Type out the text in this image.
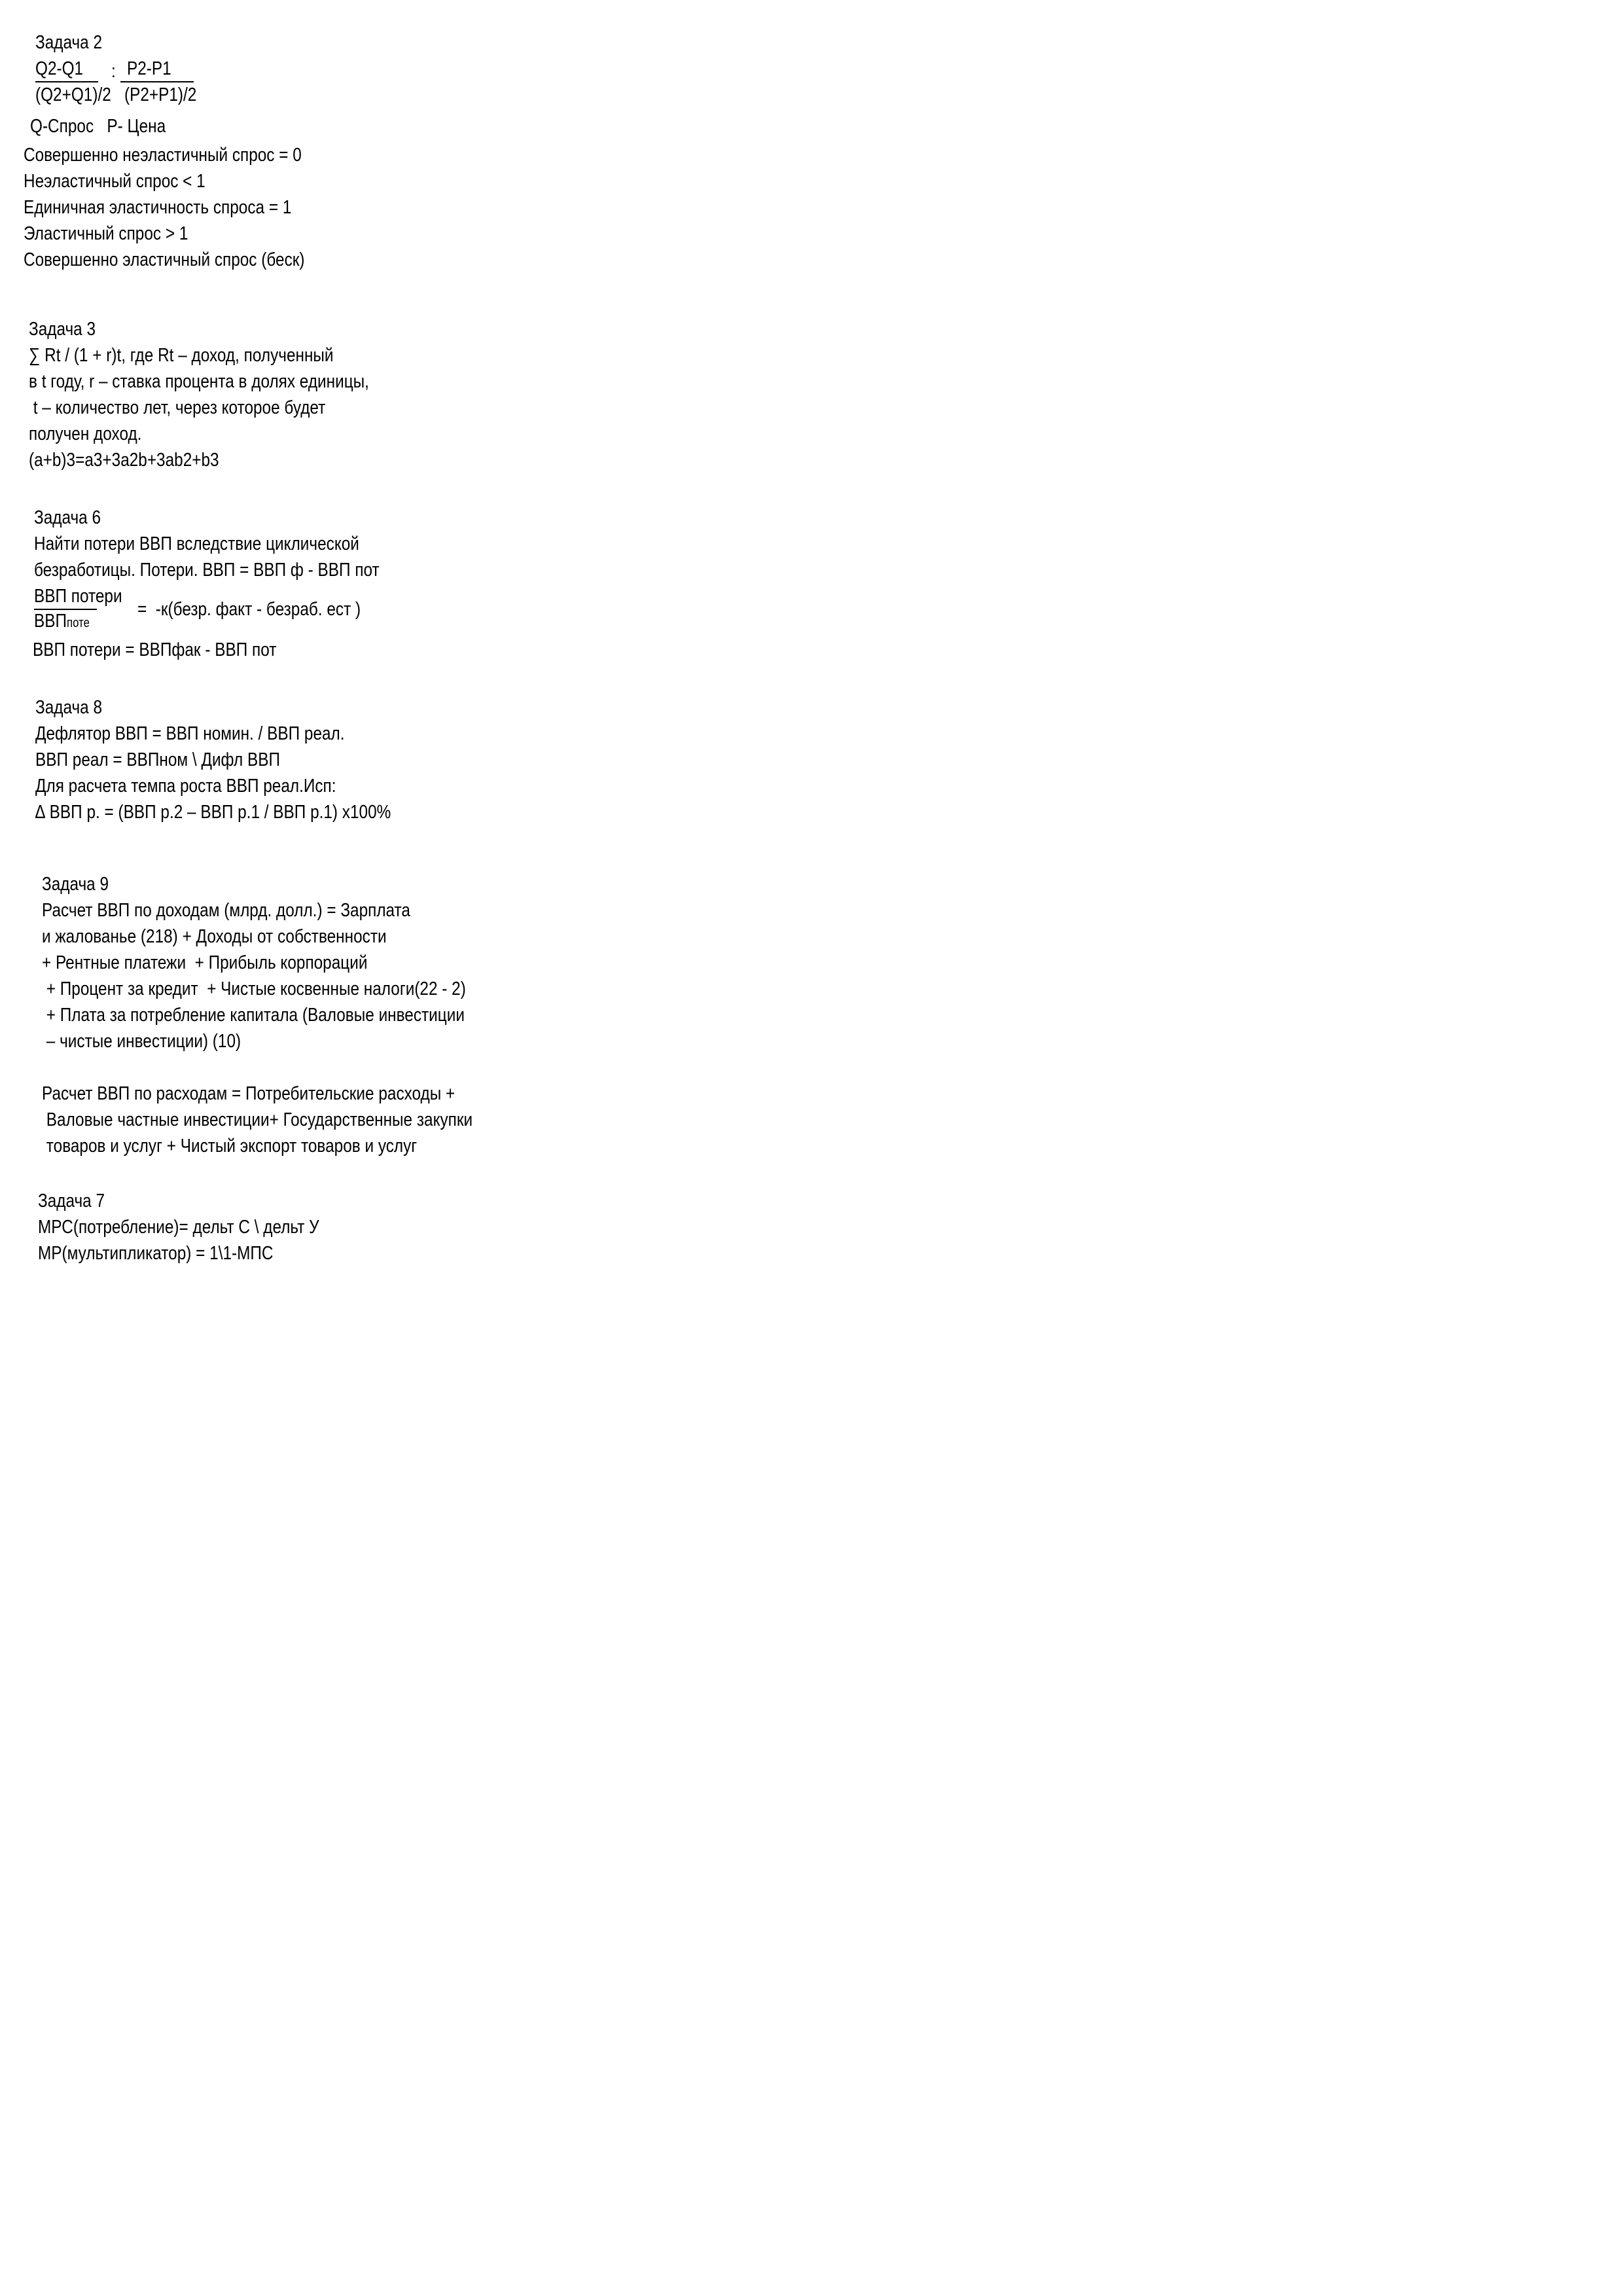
Задача 2
Q2-Q1 : P2-P1
(Q2+Q1)/2 (P2+P1)/2
Q-Спрос   P- Цена
Совершенно неэластичный спрос = 0
Неэластичный спрос < 1
Единичная эластичность спроса = 1
Эластичный спрос > 1
Совершенно эластичный спрос (беск)
Задача 3
∑ Rt / (1 + r)t, где Rt – доход, полученный
в t году, r – ставка процента в долях единицы,
t – количество лет, через которое будет
получен доход.
(a+b)3=a3+3a2b+3ab2+b3
Задача 6
Найти потери ВВП вследствие циклической
безработицы. Потери. ВВП = ВВП ф - ВВП пот
ВВП потери
ВВПпоте
=  -к(безр. факт - безраб. ест )
ВВП потери = ВВПфак - ВВП пот
Задача 8
Дефлятор ВВП = ВВП номин. / ВВП реал.
ВВП реал = ВВПном \ Дифл ВВП
Для расчета темпа роста ВВП реал.Исп:
∆ ВВП р. = (ВВП р.2 – ВВП р.1 / ВВП р.1) х100%
Задача 9
Расчет ВВП по доходам (млрд. долл.) = Зарплата
и жалованье (218) + Доходы от собственности
+ Рентные платежи  + Прибыль корпораций
+ Процент за кредит  + Чистые косвенные налоги(22 - 2)
+ Плата за потребление капитала (Валовые инвестиции
– чистые инвестиции) (10)
Расчет ВВП по расходам = Потребительские расходы +
Валовые частные инвестиции+ Государственные закупки
товаров и услуг + Чистый экспорт товаров и услуг
Задача 7
МРС(потребление)= дельт С \ дельт У
МР(мультипликатор) = 1\1-МПС
